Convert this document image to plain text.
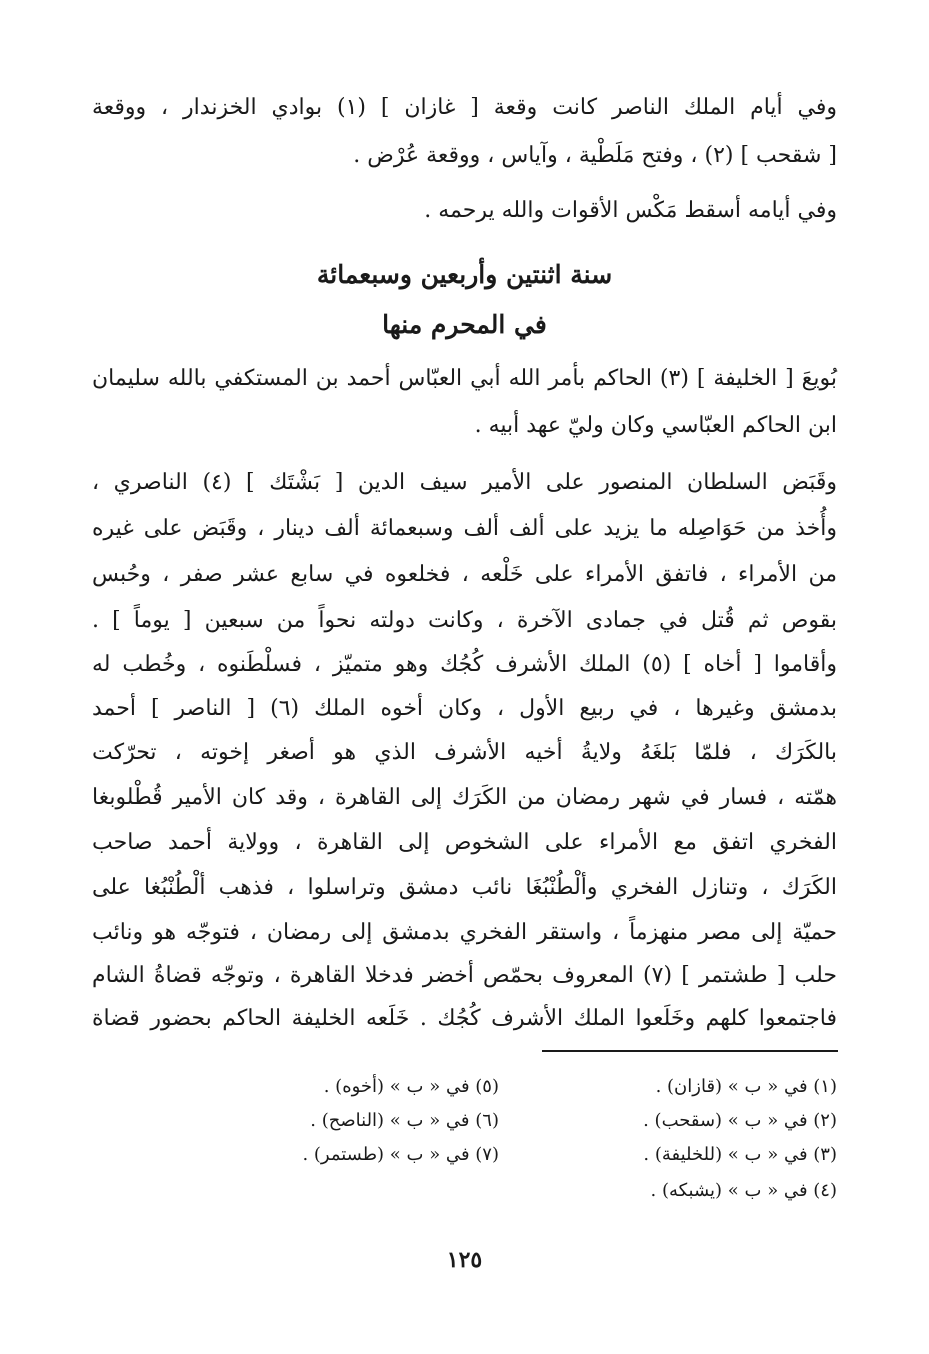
وفي أيام الملك الناصر كانت وقعة [ غازان ] (١) بوادي الخزندار ، ووقعة
[ شقحب ] (٢) ، وفتح مَلَطْية ، وآياس ، ووقعة عُرْض .
وفي أيامه أسقط مَكْس الأقوات والله يرحمه .
سنة اثنتين وأربعين وسبعمائة
في المحرم منها
بُويعَ [ الخليفة ] (٣) الحاكم بأمر الله أبي العبّاس أحمد بن المستكفي بالله سليمان
ابن الحاكم العبّاسي وكان وليّ عهد أبيه .
وقَبَض السلطان المنصور على الأمير سيف الدين [ بَشْتَك ] (٤) الناصري ،
وأُخذ من حَوَاصِله ما يزيد على ألف ألف وسبعمائة ألف دينار ، وقَبَض على غيره
من الأمراء ، فاتفق الأمراء على خَلْعه ، فخلعوه في سابع عشر صفر ، وحُبس
بقوص ثم قُتل في جمادى الآخرة ، وكانت دولته نحواً من سبعين [ يوماً ] .
وأقاموا [ أخاه ] (٥) الملك الأشرف كُجُك وهو متميّز ، فسلْطَنوه ، وخُطب له
بدمشق وغيرها ، في ربيع الأول ، وكان أخوه الملك (٦) [ الناصر ] أحمد
بالكَرَك ، فلمّا بَلغَهُ ولايةُ أخيه الأشرف الذي هو أصغر إخوته ، تحرّكت
همّته ، فسار في شهر رمضان من الكَرَك إلى القاهرة ، وقد كان الأمير قُطْلوبغا
الفخري اتفق مع الأمراء على الشخوص إلى القاهرة ، وولاية أحمد صاحب
الكَرَك ، وتنازل الفخري وألْطُنْبُغَا نائب دمشق وتراسلوا ، فذهب ألْطُنْبُغا على
حميّة إلى مصر منهزماً ، واستقر الفخري بدمشق إلى رمضان ، فتوجّه هو ونائب
حلب [ طشتمر ] (٧) المعروف بحمّص أخضر فدخلا القاهرة ، وتوجّه قضاةُ الشام
فاجتمعوا كلهم وخَلَعوا الملك الأشرف كُجُك . خَلَعه الخليفة الحاكم بحضور قضاة
(١) في « ب » (قازان) .
(٢) في « ب » (سقحب) .
(٣) في « ب » (للخليفة) .
(٤) في « ب » (يشبكه) .
(٥) في « ب » (أخوه) .
(٦) في « ب » (الناصح) .
(٧) في « ب » (طستمر) .
١٢٥
